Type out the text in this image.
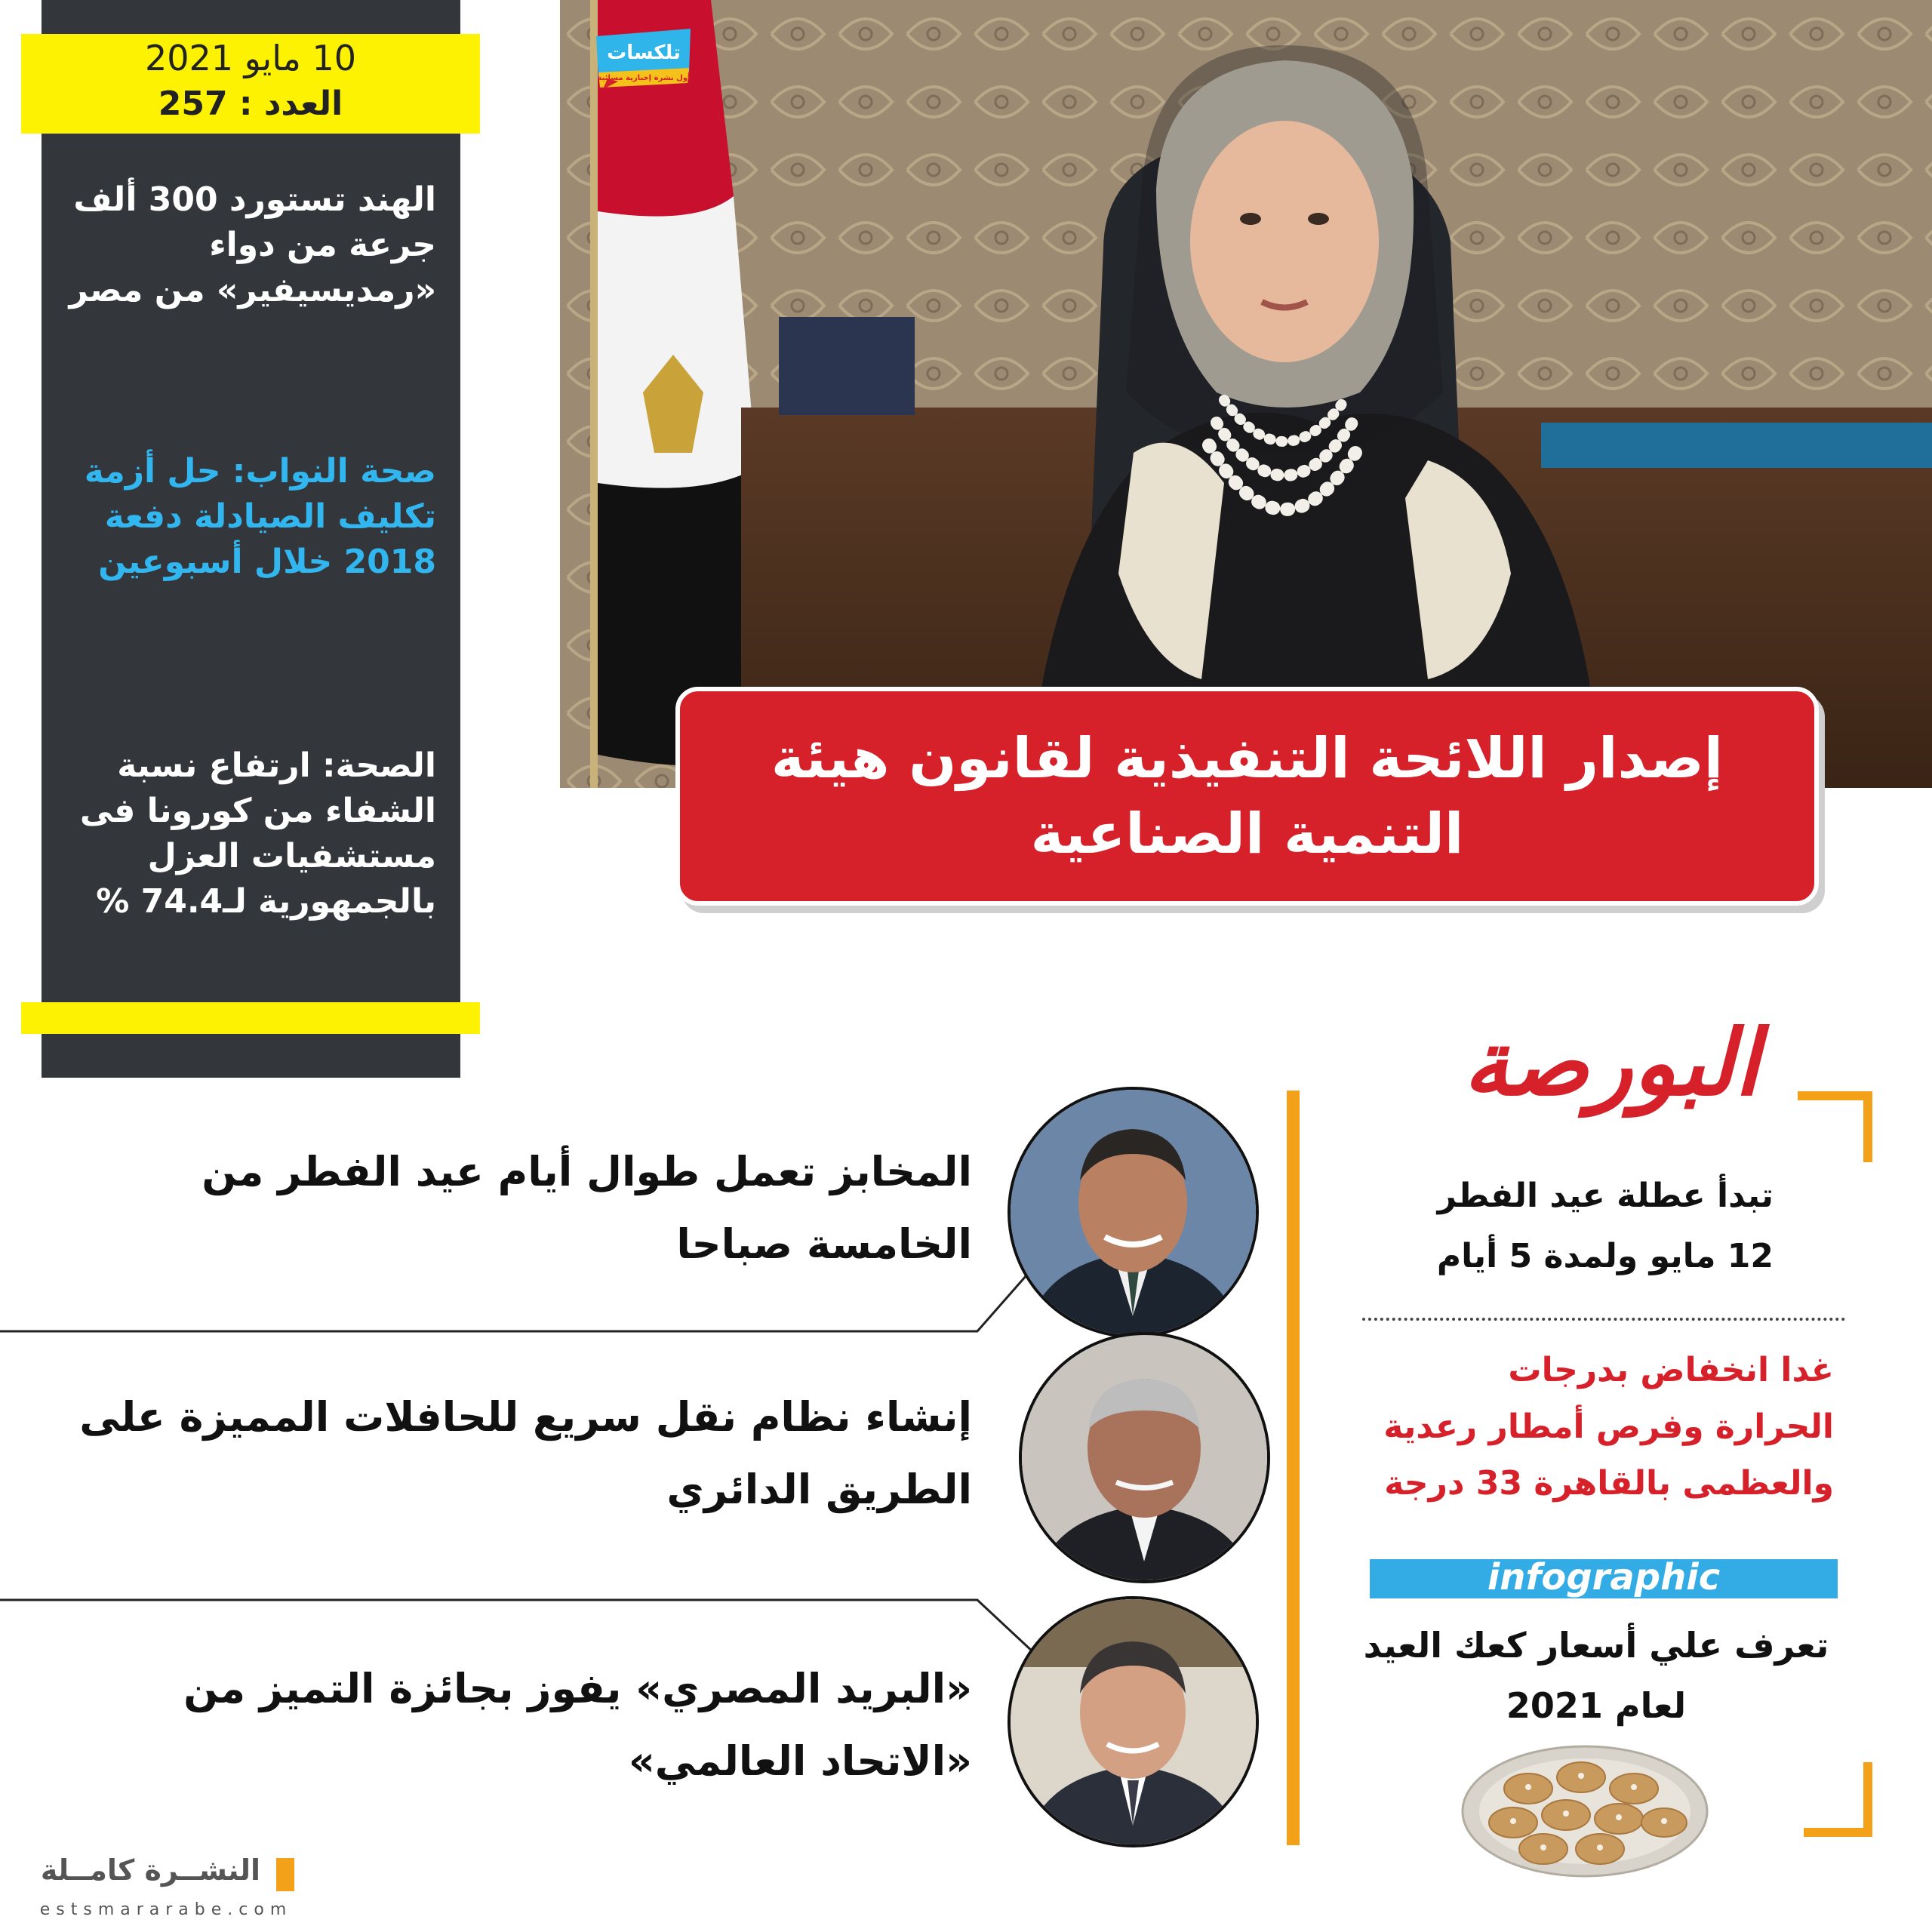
10 مايو 2021
العدد : 257
الهند تستورد 300 ألف جرعة من دواء «رمديسيفير» من مصر
صحة النواب: حل أزمة تكليف الصيادلة دفعة 2018 خلال أسبوعين
الصحة: ارتفاع نسبة الشفاء من كورونا فى مستشفيات العزل بالجمهورية لـ74.4 %
تلكسات
أول نشرة إخبارية مسائية
إصدار اللائحة التنفيذية لقانون هيئة التنمية الصناعية
المخابز تعمل طوال أيام عيد الفطر من الخامسة صباحا
إنشاء نظام نقل سريع للحافلات المميزة على الطريق الدائري
«البريد المصري» يفوز بجائزة التميز من «الاتحاد العالمي»
البورصة
تبدأ عطلة عيد الفطر 12 مايو ولمدة 5 أيام
غدا انخفاض بدرجات الحرارة وفرص أمطار رعدية والعظمى بالقاهرة 33 درجة
infographic
تعرف علي أسعار كعك العيد لعام 2021
النشــرة كامــلة
estsmararabe.com
